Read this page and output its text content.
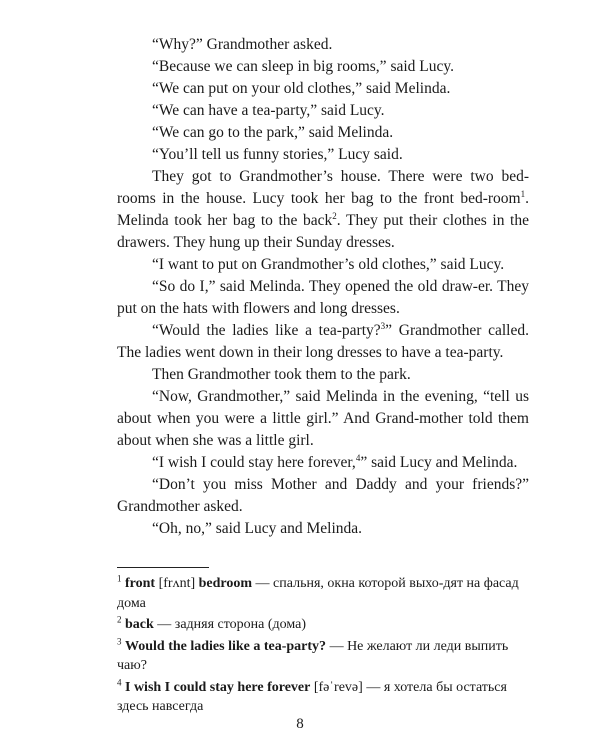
“Why?” Grandmother asked.

“Because we can sleep in big rooms,” said Lucy.

“We can put on your old clothes,” said Melinda.

“We can have a tea-party,” said Lucy.

“We can go to the park,” said Melinda.

“You’ll tell us funny stories,” Lucy said.

They got to Grandmother’s house. There were two bed-rooms in the house. Lucy took her bag to the front bed-room$^1$. Melinda took her bag to the back$^2$. They put their clothes in the drawers. They hung up their Sunday dresses.

“I want to put on Grandmother’s old clothes,” said Lucy.

“So do I,” said Melinda. They opened the old draw-er. They put on the hats with flowers and long dresses.

“Would the ladies like a tea-party?$^3$” Grandmother called. The ladies went down in their long dresses to have a tea-party.

Then Grandmother took them to the park.

“Now, Grandmother,” said Melinda in the evening, “tell us about when you were a little girl.” And Grand-mother told them about when she was a little girl.

“I wish I could stay here forever,$^4$” said Lucy and Melinda.

“Don’t you miss Mother and Daddy and your friends?” Grandmother asked.

“Oh, no,” said Lucy and Melinda.

$^1$ front [frʌnt] bedroom — спальня, окна которой выхо-дят на фасад дома

$^2$ back — задняя сторона (дома)

$^3$ Would the ladies like a tea-party? — Не желают ли леди выпить чаю?

$^4$ I wish I could stay here forever [fəˈrevə] — я хотела бы остаться здесь навсегда

8
